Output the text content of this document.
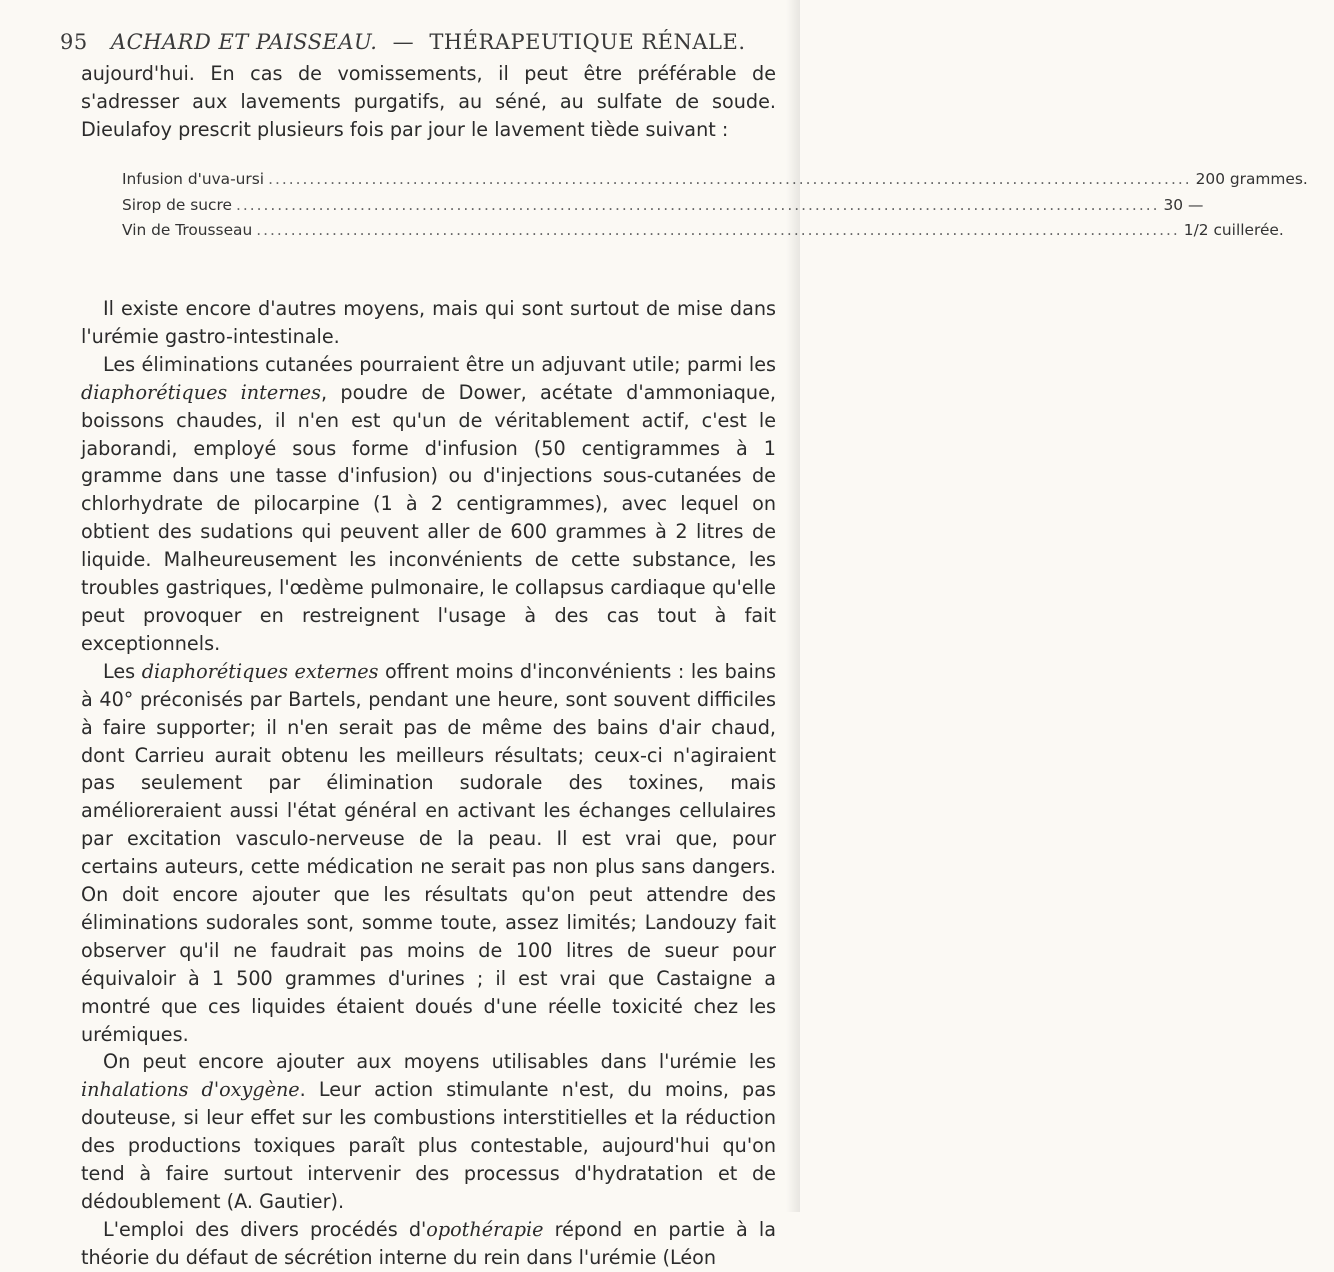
95 ACHARD ET PAISSEAU. — THÉRAPEUTIQUE RÉNALE.

aujourd'hui. En cas de vomissements, il peut être préférable de s'adresser aux lavements purgatifs, au séné, au sulfate de soude. Dieulafoy prescrit plusieurs fois par jour le lavement tiède suivant :

Infusion d'uva-ursi .....	200 grammes.
Sirop de sucre .....	30 —
Vin de Trousseau .....	1/2 cuillerée.

Il existe encore d'autres moyens, mais qui sont surtout de mise dans l'urémie gastro-intestinale.

Les éliminations cutanées pourraient être un adjuvant utile; parmi les diaphorétiques internes, poudre de Dower, acétate d'ammoniaque, boissons chaudes, il n'en est qu'un de véritablement actif, c'est le jaborandi, employé sous forme d'infusion (50 centigrammes à 1 gramme dans une tasse d'infusion) ou d'injections sous-cutanées de chlorhydrate de pilocarpine (1 à 2 centigrammes), avec lequel on obtient des sudations qui peuvent aller de 600 grammes à 2 litres de liquide. Malheureusement les inconvénients de cette substance, les troubles gastriques, l'œdème pulmonaire, le collapsus cardiaque qu'elle peut provoquer en restreignent l'usage à des cas tout à fait exceptionnels.

Les diaphorétiques externes offrent moins d'inconvénients : les bains à 40° préconisés par Bartels, pendant une heure, sont souvent difficiles à faire supporter; il n'en serait pas de même des bains d'air chaud, dont Carrieu aurait obtenu les meilleurs résultats; ceux-ci n'agiraient pas seulement par élimination sudorale des toxines, mais amélioreraient aussi l'état général en activant les échanges cellulaires par excitation vasculo-nerveuse de la peau. Il est vrai que, pour certains auteurs, cette médication ne serait pas non plus sans dangers. On doit encore ajouter que les résultats qu'on peut attendre des éliminations sudorales sont, somme toute, assez limités; Landouzy fait observer qu'il ne faudrait pas moins de 100 litres de sueur pour équivaloir à 1 500 grammes d'urines ; il est vrai que Castaigne a montré que ces liquides étaient doués d'une réelle toxicité chez les urémiques.

On peut encore ajouter aux moyens utilisables dans l'urémie les inhalations d'oxygène. Leur action stimulante n'est, du moins, pas douteuse, si leur effet sur les combustions interstitielles et la réduction des productions toxiques paraît plus contestable, aujourd'hui qu'on tend à faire surtout intervenir des processus d'hydratation et de dédoublement (A. Gautier).

L'emploi des divers procédés d'opothérapie répond en partie à la théorie du défaut de sécrétion interne du rein dans l'urémie (Léon
